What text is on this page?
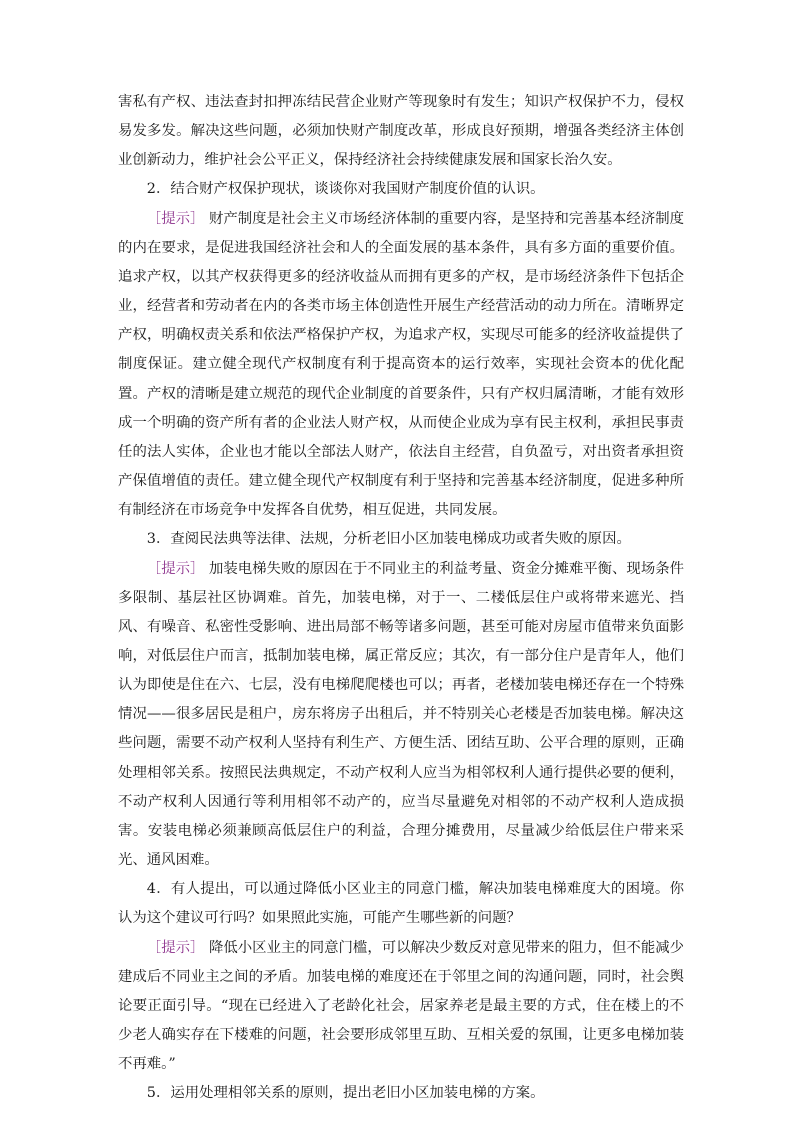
害私有产权、违法查封扣押冻结民营企业财产等现象时有发生；知识产权保护不力，侵权易发多发。解决这些问题，必须加快财产制度改革，形成良好预期，增强各类经济主体创业创新动力，维护社会公平正义，保持经济社会持续健康发展和国家长治久安。

2．结合财产权保护现状，谈谈你对我国财产制度价值的认识。

［提示］ 财产制度是社会主义市场经济体制的重要内容，是坚持和完善基本经济制度的内在要求，是促进我国经济社会和人的全面发展的基本条件，具有多方面的重要价值。追求产权，以其产权获得更多的经济收益从而拥有更多的产权，是市场经济条件下包括企业，经营者和劳动者在内的各类市场主体创造性开展生产经营活动的动力所在。清晰界定产权，明确权责关系和依法严格保护产权，为追求产权，实现尽可能多的经济收益提供了制度保证。建立健全现代产权制度有利于提高资本的运行效率，实现社会资本的优化配置。产权的清晰是建立规范的现代企业制度的首要条件，只有产权归属清晰，才能有效形成一个明确的资产所有者的企业法人财产权，从而使企业成为享有民主权利，承担民事责任的法人实体，企业也才能以全部法人财产，依法自主经营，自负盈亏，对出资者承担资产保值增值的责任。建立健全现代产权制度有利于坚持和完善基本经济制度，促进多种所有制经济在市场竞争中发挥各自优势，相互促进，共同发展。

3．查阅民法典等法律、法规，分析老旧小区加装电梯成功或者失败的原因。

［提示］ 加装电梯失败的原因在于不同业主的利益考量、资金分摊难平衡、现场条件多限制、基层社区协调难。首先，加装电梯，对于一、二楼低层住户或将带来遮光、挡风、有噪音、私密性受影响、进出局部不畅等诸多问题，甚至可能对房屋市值带来负面影响，对低层住户而言，抵制加装电梯，属正常反应；其次，有一部分住户是青年人，他们认为即使是住在六、七层，没有电梯爬爬楼也可以；再者，老楼加装电梯还存在一个特殊情况——很多居民是租户，房东将房子出租后，并不特别关心老楼是否加装电梯。解决这些问题，需要不动产权利人坚持有利生产、方便生活、团结互助、公平合理的原则，正确处理相邻关系。按照民法典规定，不动产权利人应当为相邻权利人通行提供必要的便利，不动产权利人因通行等利用相邻不动产的，应当尽量避免对相邻的不动产权利人造成损害。安装电梯必须兼顾高低层住户的利益，合理分摊费用，尽量减少给低层住户带来采光、通风困难。

4．有人提出，可以通过降低小区业主的同意门槛，解决加装电梯难度大的困境。你认为这个建议可行吗？如果照此实施，可能产生哪些新的问题？

［提示］ 降低小区业主的同意门槛，可以解决少数反对意见带来的阻力，但不能减少建成后不同业主之间的矛盾。加装电梯的难度还在于邻里之间的沟通问题，同时，社会舆论要正面引导。“现在已经进入了老龄化社会，居家养老是最主要的方式，住在楼上的不少老人确实存在下楼难的问题，社会要形成邻里互助、互相关爱的氛围，让更多电梯加装不再难。”

5．运用处理相邻关系的原则，提出老旧小区加装电梯的方案。
